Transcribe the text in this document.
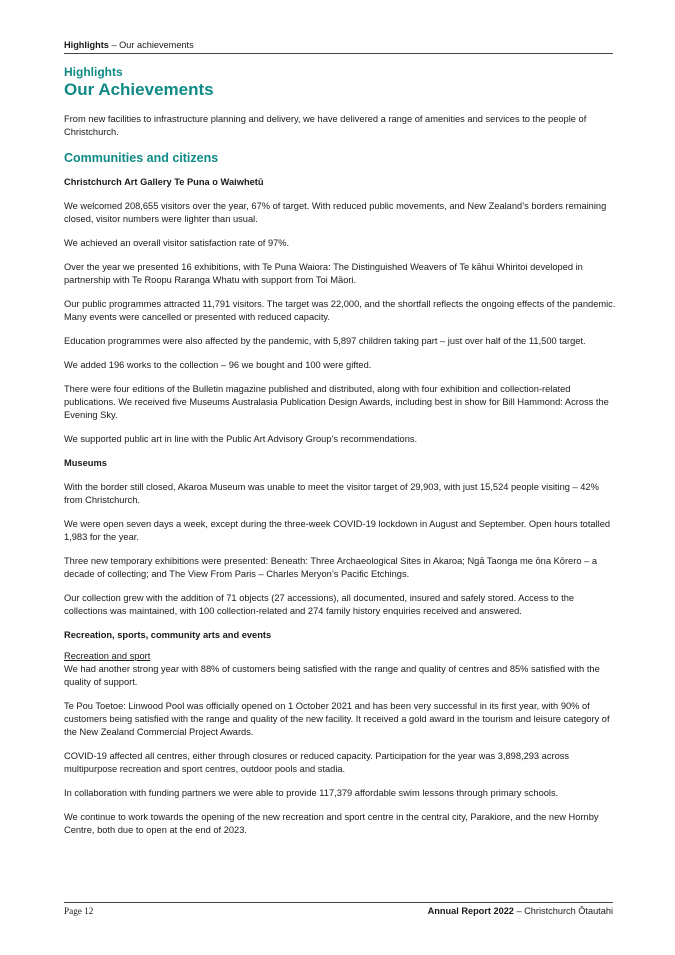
Highlights – Our achievements
Highlights
Our Achievements

From new facilities to infrastructure planning and delivery, we have delivered a range of amenities and services to the people of Christchurch.

Communities and citizens
Christchurch Art Gallery Te Puna o Waiwhetū

We welcomed 208,655 visitors over the year, 67% of target. With reduced public movements, and New Zealand’s borders remaining closed, visitor numbers were lighter than usual.

We achieved an overall visitor satisfaction rate of 97%.

Over the year we presented 16 exhibitions, with Te Puna Waiora: The Distinguished Weavers of Te kāhui Whiritoi developed in partnership with Te Roopu Raranga Whatu with support from Toi Māori.

Our public programmes attracted 11,791 visitors. The target was 22,000, and the shortfall reflects the ongoing effects of the pandemic. Many events were cancelled or presented with reduced capacity.

Education programmes were also affected by the pandemic, with 5,897 children taking part – just over half of the 11,500 target.

We added 196 works to the collection – 96 we bought and 100 were gifted.

There were four editions of the Bulletin magazine published and distributed, along with four exhibition and collection-related publications. We received five Museums Australasia Publication Design Awards, including best in show for Bill Hammond: Across the Evening Sky.

We supported public art in line with the Public Art Advisory Group’s recommendations.

Museums

With the border still closed, Akaroa Museum was unable to meet the visitor target of 29,903, with just 15,524 people visiting – 42% from Christchurch.

We were open seven days a week, except during the three-week COVID-19 lockdown in August and September. Open hours totalled 1,983 for the year.

Three new temporary exhibitions were presented: Beneath: Three Archaeological Sites in Akaroa; Ngā Taonga me ōna Kōrero – a decade of collecting; and The View From Paris – Charles Meryon’s Pacific Etchings.

Our collection grew with the addition of 71 objects (27 accessions), all documented, insured and safely stored. Access to the collections was maintained, with 100 collection-related and 274 family history enquiries received and answered.

Recreation, sports, community arts and events

Recreation and sport
We had another strong year with 88% of customers being satisfied with the range and quality of centres and 85% satisfied with the quality of support.

Te Pou Toetoe: Linwood Pool was officially opened on 1 October 2021 and has been very successful in its first year, with 90% of customers being satisfied with the range and quality of the new facility. It received a gold award in the tourism and leisure category of the New Zealand Commercial Project Awards.

COVID-19 affected all centres, either through closures or reduced capacity. Participation for the year was 3,898,293 across multipurpose recreation and sport centres, outdoor pools and stadia.

In collaboration with funding partners we were able to provide 117,379 affordable swim lessons through primary schools.

We continue to work towards the opening of the new recreation and sport centre in the central city, Parakiore, and the new Hornby Centre, both due to open at the end of 2023.

Page 12	Annual Report 2022 – Christchurch Ōtautahi
